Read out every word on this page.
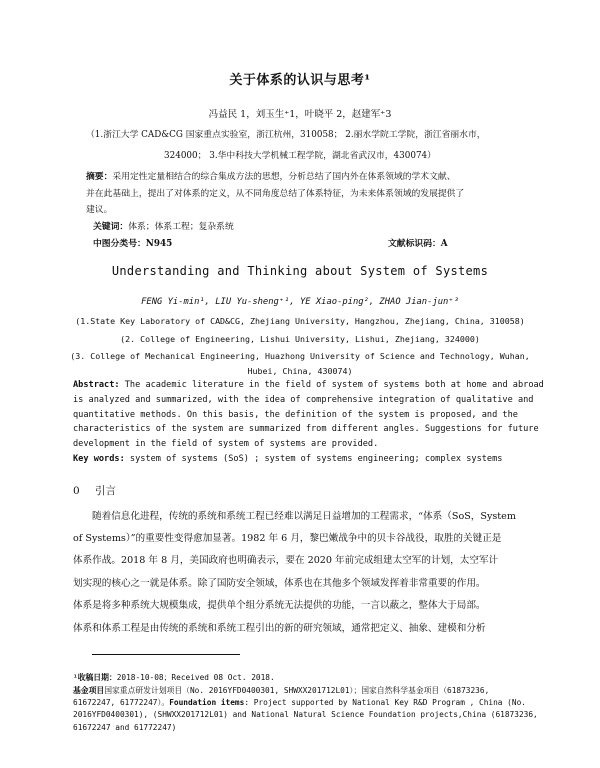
关于体系的认识与思考¹
冯益民 1，刘玉生⁺1，叶晓平 2，赵建军⁺3
（1.浙江大学 CAD&CG 国家重点实验室，浙江杭州，310058； 2.丽水学院工学院，浙江省丽水市，
324000； 3.华中科技大学机械工程学院，湖北省武汉市，430074）
摘要：采用定性定量相结合的综合集成方法的思想，分析总结了国内外在体系领域的学术文献、
并在此基础上，提出了对体系的定义，从不同角度总结了体系特征，为未来体系领域的发展提供了
建议。
关键词：体系；体系工程；复杂系统
中图分类号：N945	文献标识码：A
Understanding and Thinking about System of Systems
FENG Yi-min¹, LIU Yu-sheng⁺¹, YE Xiao-ping², ZHAO Jian-jun⁺³
(1.State Key Laboratory of CAD&CG, Zhejiang University, Hangzhou, Zhejiang, China, 310058)
(2. College of Engineering, Lishui University, Lishui, Zhejiang, 324000)
(3. College of Mechanical Engineering, Huazhong University of Science and Technology, Wuhan,
Hubei, China, 430074)
Abstract: The academic literature in the field of system of systems both at home and abroad
is analyzed and summarized, with the idea of comprehensive integration of qualitative and
quantitative methods. On this basis, the definition of the system is proposed, and the
characteristics of the system are summarized from different angles. Suggestions for future
development in the field of system of systems are provided.
Key words: system of systems (SoS) ; system of systems engineering; complex systems
0 引言
随着信息化进程，传统的系统和系统工程已经难以满足日益增加的工程需求，“体系（SoS，System
of Systems）”的重要性变得愈加显著。1982 年 6 月，黎巴嫩战争中的贝卡谷战役，取胜的关键正是
体系作战。2018 年 8 月，美国政府也明确表示，要在 2020 年前完成组建太空军的计划，太空军计
划实现的核心之一就是体系。除了国防安全领域，体系也在其他多个领域发挥着非常重要的作用。
体系是将多种系统大规模集成，提供单个组分系统无法提供的功能，一言以蔽之，整体大于局部。
体系和体系工程是由传统的系统和系统工程引出的新的研究领域，通常把定义、抽象、建模和分析
¹收稿日期：2018-10-08；Received 08 Oct. 2018.
基金项目国家重点研发计划项目（No. 2016YFD0400301, SHWXX201712L01）；国家自然科学基金项目（61873236,
61672247, 61772247）。Foundation items: Project supported by National Key R&D Program , China (No.
2016YFD0400301), (SHWXX201712L01) and National Natural Science Foundation projects,China (61873236,
61672247 and 61772247)
